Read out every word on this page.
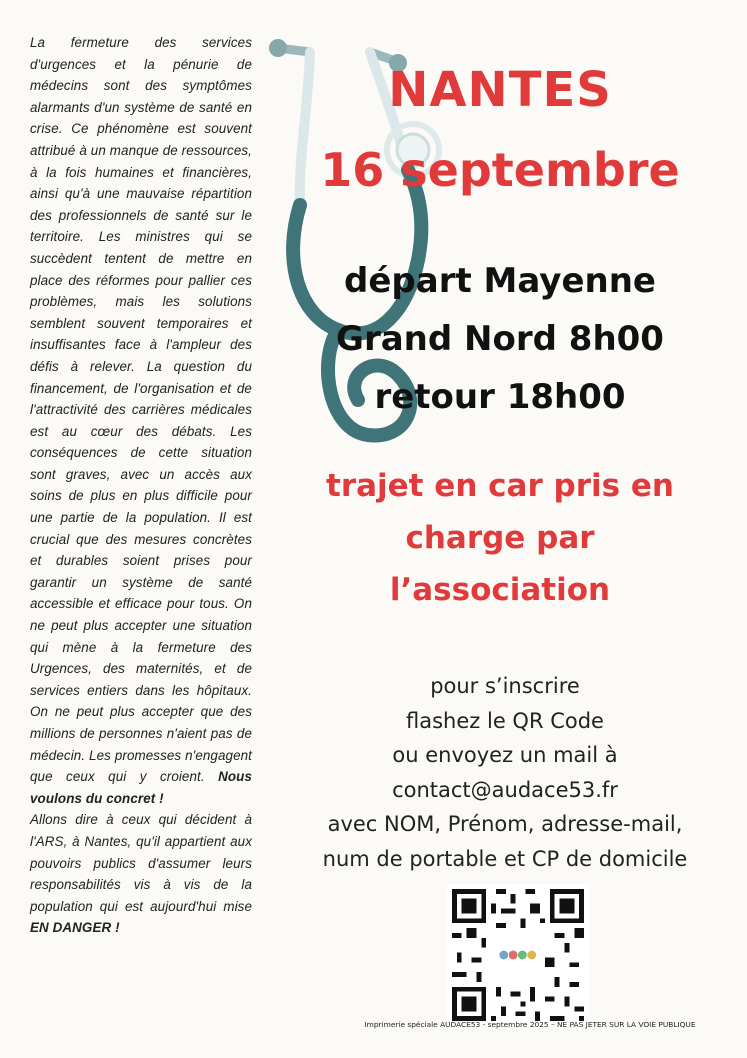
La fermeture des services d'urgences et la pénurie de médecins sont des symptômes alarmants d'un système de santé en crise. Ce phénomène est souvent attribué à un manque de ressources, à la fois humaines et financières, ainsi qu'à une mauvaise répartition des professionnels de santé sur le territoire. Les ministres qui se succèdent tentent de mettre en place des réformes pour pallier ces problèmes, mais les solutions semblent souvent temporaires et insuffisantes face à l'ampleur des défis à relever. La question du financement, de l'organisation et de l'attractivité des carrières médicales est au cœur des débats. Les conséquences de cette situation sont graves, avec un accès aux soins de plus en plus difficile pour une partie de la population. Il est crucial que des mesures concrètes et durables soient prises pour garantir un système de santé accessible et efficace pour tous. On ne peut plus accepter une situation qui mène à la fermeture des Urgences, des maternités, et de services entiers dans les hôpitaux. On ne peut plus accepter que des millions de personnes n'aient pas de médecin. Les promesses n'engagent que ceux qui y croient. Nous voulons du concret !

Allons dire à ceux qui décident à l'ARS, à Nantes, qu'il appartient aux pouvoirs publics d'assumer leurs responsabilités vis à vis de la population qui est aujourd'hui mise EN DANGER !

NANTES
16 septembre
départ Mayenne
Grand Nord 8h00
retour 18h00
trajet en car pris en
charge par
l’association
pour s’inscrire
flashez le QR Code
ou envoyez un mail à
contact@audace53.fr
avec NOM, Prénom, adresse-mail,
num de portable et CP de domicile
Imprimerie spéciale AUDACE53 - septembre 2025 – NE PAS JETER SUR LA VOIE PUBLIQUE
